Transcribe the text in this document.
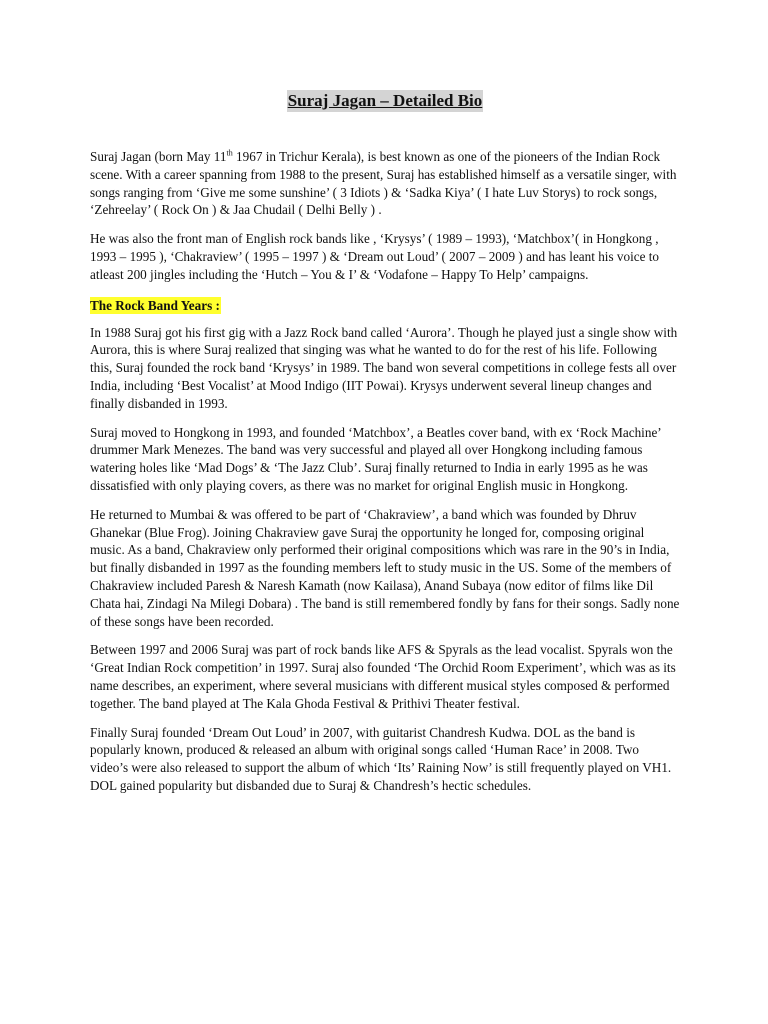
Suraj Jagan – Detailed Bio

Suraj Jagan (born May 11th 1967 in Trichur Kerala), is best known as one of the pioneers of the Indian Rock scene. With a career spanning from 1988 to the present, Suraj has established himself as a versatile singer, with songs ranging from ‘Give me some sunshine’ ( 3 Idiots ) & ‘Sadka Kiya’ ( I hate Luv Storys) to rock songs, ‘Zehreelay’ ( Rock On ) & Jaa Chudail ( Delhi Belly ) .

He was also the front man of English rock bands like , ‘Krysys’ ( 1989 – 1993), ‘Matchbox’( in Hongkong , 1993 – 1995 ), ‘Chakraview’ ( 1995 – 1997 ) & ‘Dream out Loud’ ( 2007 – 2009 ) and has leant his voice to atleast 200 jingles including the ‘Hutch – You & I’ & ‘Vodafone – Happy To Help’ campaigns.

The Rock Band Years :

In 1988 Suraj got his first gig with a Jazz Rock band called ‘Aurora’. Though he played just a single show with Aurora, this is where Suraj realized that singing was what he wanted to do for the rest of his life. Following this, Suraj founded the rock band ‘Krysys’ in 1989. The band won several competitions in college fests all over India, including ‘Best Vocalist’ at Mood Indigo (IIT Powai). Krysys underwent several lineup changes and finally disbanded in 1993.

Suraj moved to Hongkong in 1993, and founded ‘Matchbox’, a Beatles cover band, with ex ‘Rock Machine’ drummer Mark Menezes. The band was very successful and played all over Hongkong including famous watering holes like ‘Mad Dogs’ & ‘The Jazz Club’. Suraj finally returned to India in early 1995 as he was dissatisfied with only playing covers, as there was no market for original English music in Hongkong.

He returned to Mumbai & was offered to be part of ‘Chakraview’, a band which was founded by Dhruv Ghanekar (Blue Frog). Joining Chakraview gave Suraj the opportunity he longed for, composing original music. As a band, Chakraview only performed their original compositions which was rare in the 90’s in India, but finally disbanded in 1997 as the founding members left to study music in the US. Some of the members of Chakraview included Paresh & Naresh Kamath (now Kailasa), Anand Subaya (now editor of films like Dil Chata hai, Zindagi Na Milegi Dobara) . The band is still remembered fondly by fans for their songs. Sadly none of these songs have been recorded.

Between 1997 and 2006 Suraj was part of rock bands like AFS & Spyrals as the lead vocalist. Spyrals won the ‘Great Indian Rock competition’ in 1997. Suraj also founded ‘The Orchid Room Experiment’, which was as its name describes, an experiment, where several musicians with different musical styles composed & performed together. The band played at The Kala Ghoda Festival & Prithivi Theater festival.

Finally Suraj founded ‘Dream Out Loud’ in 2007, with guitarist Chandresh Kudwa. DOL as the band is popularly known, produced & released an album with original songs called ‘Human Race’ in 2008. Two video’s were also released to support the album of which ‘Its’ Raining Now’ is still frequently played on VH1. DOL gained popularity but disbanded due to Suraj & Chandresh’s hectic schedules.
